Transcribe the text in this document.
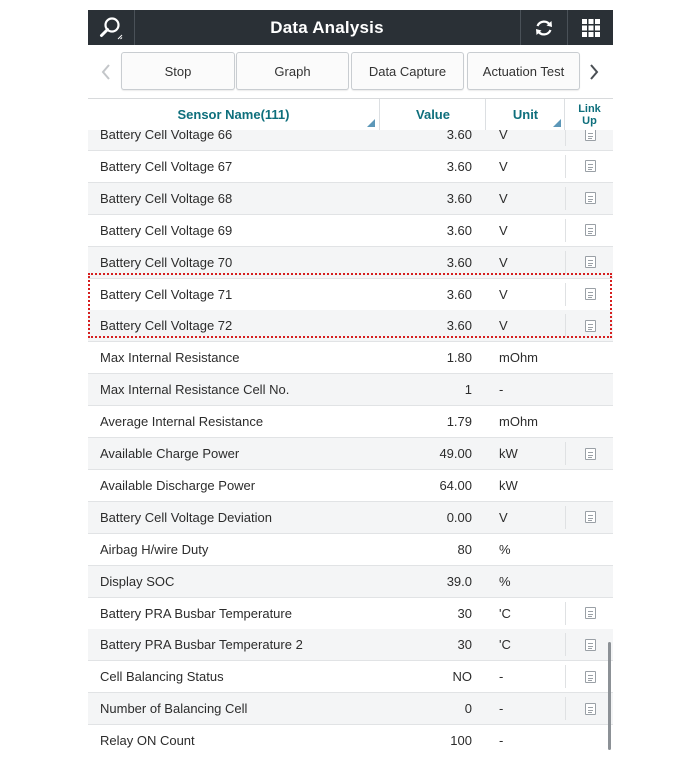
Data Analysis
Stop	Graph	Data Capture	Actuation Test
Sensor Name(111)	Value	Unit	Link
Up
Battery Cell Voltage 66	3.60 V
Battery Cell Voltage 67	3.60 V
Battery Cell Voltage 68	3.60 V
Battery Cell Voltage 69	3.60 V
Battery Cell Voltage 70	3.60 V
Battery Cell Voltage 71	3.60 V
Battery Cell Voltage 72	3.60 V
Max Internal Resistance	1.80 mOhm
Max Internal Resistance Cell No.	1 -
Average Internal Resistance	1.79 mOhm
Available Charge Power	49.00 kW
Available Discharge Power	64.00 kW
Battery Cell Voltage Deviation	0.00 V
Airbag H/wire Duty	80 %
Display SOC	39.0 %
Battery PRA Busbar Temperature	30 'C
Battery PRA Busbar Temperature 2	30 'C
Cell Balancing Status	NO -
Number of Balancing Cell	0 -
Relay ON Count	100 -
